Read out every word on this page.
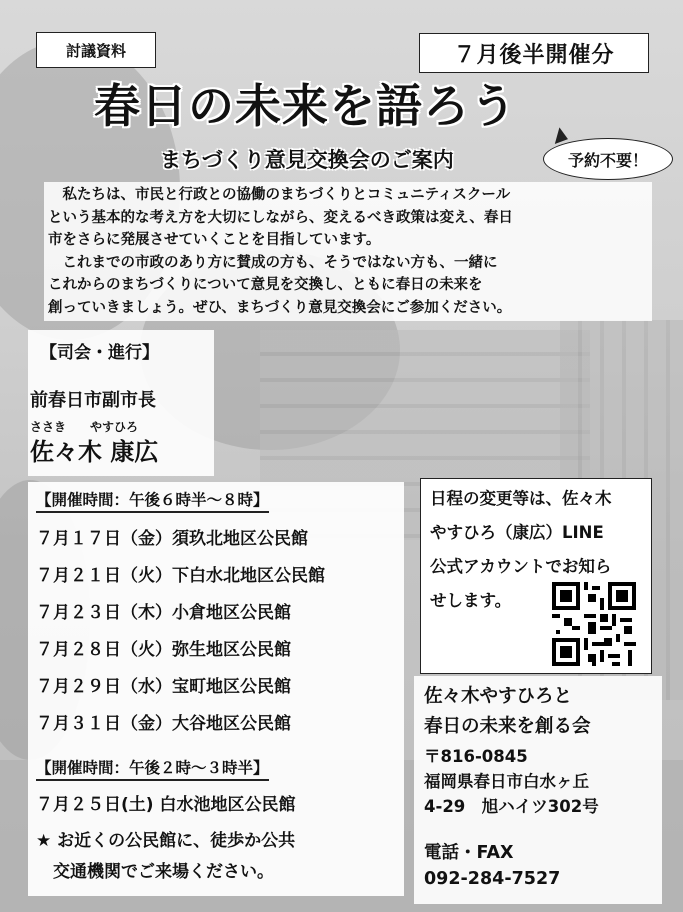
討議資料	７月後半開催分
春日の未来を語ろう
まちづくり意見交換会のご案内	予約不要！

　私たちは、市民と行政との協働のまちづくりとコミュニティスクール

という基本的な考え方を大切にしながら、変えるべき政策は変え、春日

市をさらに発展させていくことを目指しています。

　これまでの市政のあり方に賛成の方も、そうではない方も、一緒に

これからのまちづくりについて意見を交換し、ともに春日の未来を

創っていきましょう。ぜひ、まちづくり意見交換会にご参加ください。

【司会・進行】
前春日市副市長
ささき　　やすひろ
佐々木 康広
【開催時間：午後６時半～８時】
７月１７日（金）須玖北地区公民館
７月２１日（火）下白水北地区公民館
７月２３日（木）小倉地区公民館
７月２８日（火）弥生地区公民館
７月２９日（水）宝町地区公民館
７月３１日（金）大谷地区公民館
【開催時間：午後２時～３時半】
７月２５日(土) 白水池地区公民館
★ お近くの公民館に、徒歩か公共
　交通機関でご来場ください。
日程の変更等は、佐々木
やすひろ（康広）LINE
公式アカウントでお知ら
せします。
佐々木やすひろと
春日の未来を創る会
〒816-0845
福岡県春日市白水ヶ丘
4-29　旭ハイツ302号
電話・FAX
092-284-7527
